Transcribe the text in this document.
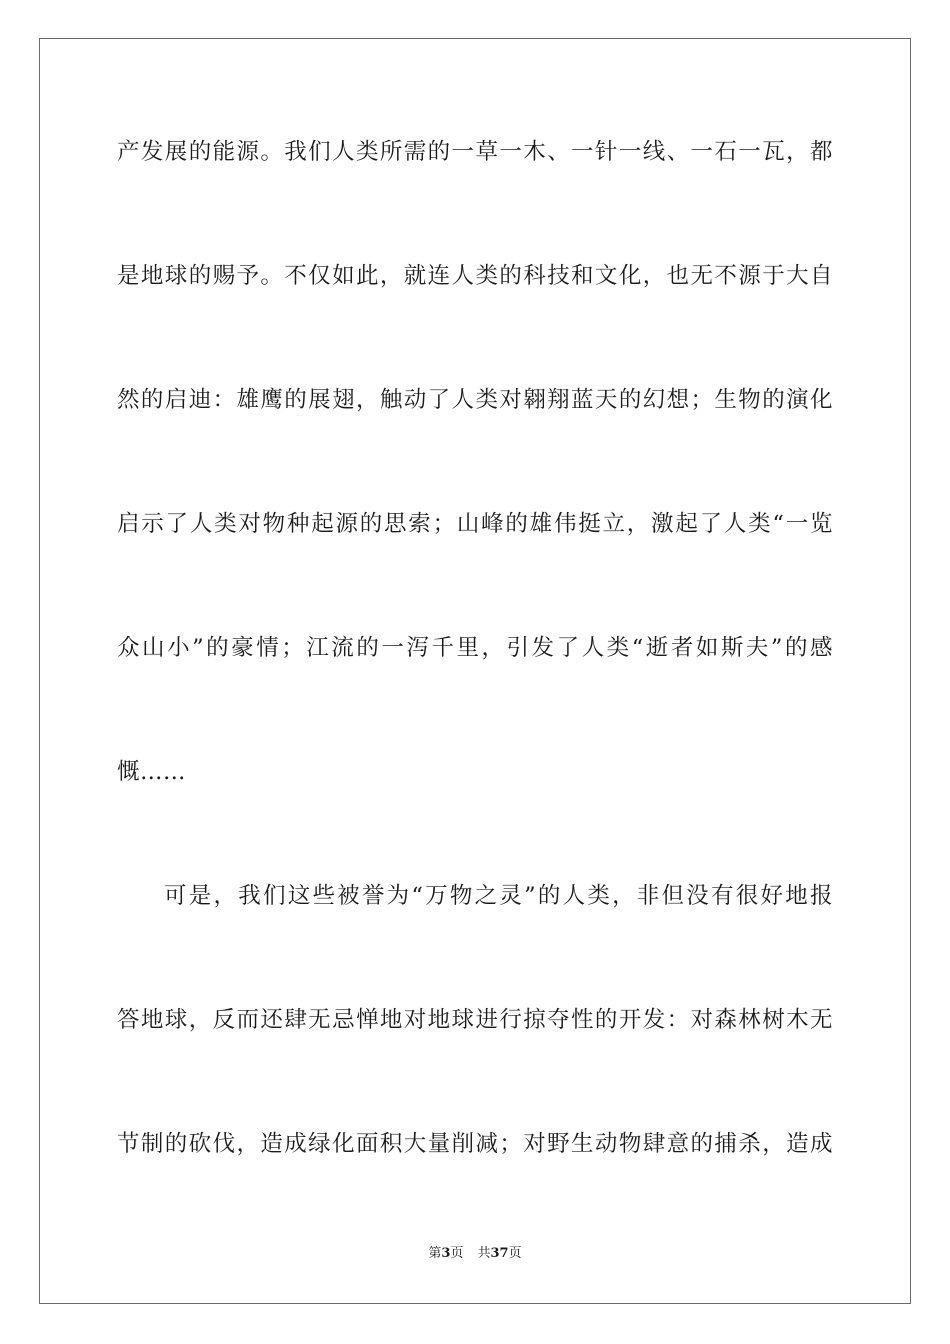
产发展的能源。我们人类所需的一草一木、一针一线、一石一瓦，都
是地球的赐予。不仅如此，就连人类的科技和文化，也无不源于大自
然的启迪：雄鹰的展翅，触动了人类对翱翔蓝天的幻想；生物的演化
启示了人类对物种起源的思索；山峰的雄伟挺立，激起了人类“一览
众山小”的豪情；江流的一泻千里，引发了人类“逝者如斯夫”的感
慨……
可是，我们这些被誉为“万物之灵”的人类，非但没有很好地报
答地球，反而还肆无忌惮地对地球进行掠夺性的开发：对森林树木无
节制的砍伐，造成绿化面积大量削减；对野生动物肆意的捕杀，造成
第3页 共37页
